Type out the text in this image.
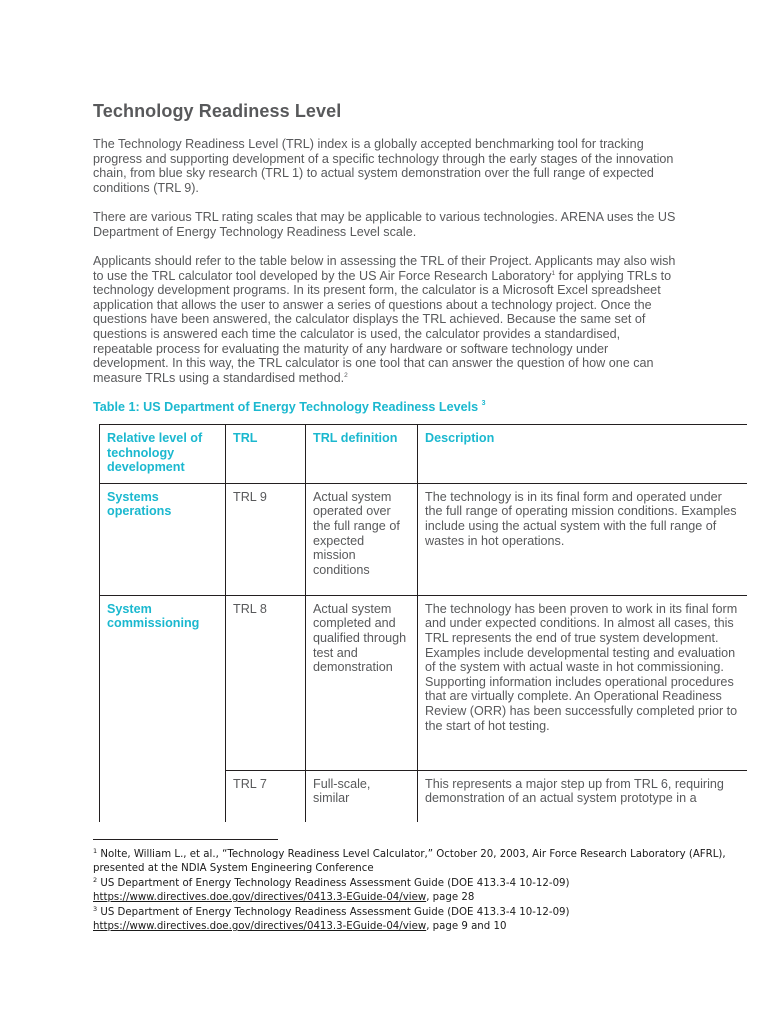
Technology Readiness Level

The Technology Readiness Level (TRL) index is a globally accepted benchmarking tool for tracking progress and supporting development of a specific technology through the early stages of the innovation chain, from blue sky research (TRL 1) to actual system demonstration over the full range of expected conditions (TRL 9).

There are various TRL rating scales that may be applicable to various technologies. ARENA uses the US Department of Energy Technology Readiness Level scale.

Applicants should refer to the table below in assessing the TRL of their Project. Applicants may also wish to use the TRL calculator tool developed by the US Air Force Research Laboratory$^1$ for applying TRLs to technology development programs. In its present form, the calculator is a Microsoft Excel spreadsheet application that allows the user to answer a series of questions about a technology project. Once the questions have been answered, the calculator displays the TRL achieved. Because the same set of questions is answered each time the calculator is used, the calculator provides a standardised, repeatable process for evaluating the maturity of any hardware or software technology under development. In this way, the TRL calculator is one tool that can answer the question of how one can measure TRLs using a standardised method.$^2$

Table 1: US Department of Energy Technology Readiness Levels $^3$

Relative level of technology development	TRL	TRL definition	Description
Systems operations	TRL 9	Actual system operated over the full range of expected mission conditions	The technology is in its final form and operated under the full range of operating mission conditions. Examples include using the actual system with the full range of wastes in hot operations.
System commissioning	TRL 8	Actual system completed and qualified through test and demonstration	The technology has been proven to work in its final form and under expected conditions. In almost all cases, this TRL represents the end of true system development. Examples include developmental testing and evaluation of the system with actual waste in hot commissioning. Supporting information includes operational procedures that are virtually complete. An Operational Readiness Review (ORR) has been successfully completed prior to the start of hot testing.
	TRL 7	Full-scale, similar	This represents a major step up from TRL 6, requiring demonstration of an actual system prototype in a

$^1$ Nolte, William L., et al., “Technology Readiness Level Calculator,” October 20, 2003, Air Force Research Laboratory (AFRL), presented at the NDIA System Engineering Conference

$^2$ US Department of Energy Technology Readiness Assessment Guide (DOE 413.3-4 10-12-09)
https://www.directives.doe.gov/directives/0413.3-EGuide-04/view, page 28

$^3$ US Department of Energy Technology Readiness Assessment Guide (DOE 413.3-4 10-12-09)
https://www.directives.doe.gov/directives/0413.3-EGuide-04/view, page 9 and 10
